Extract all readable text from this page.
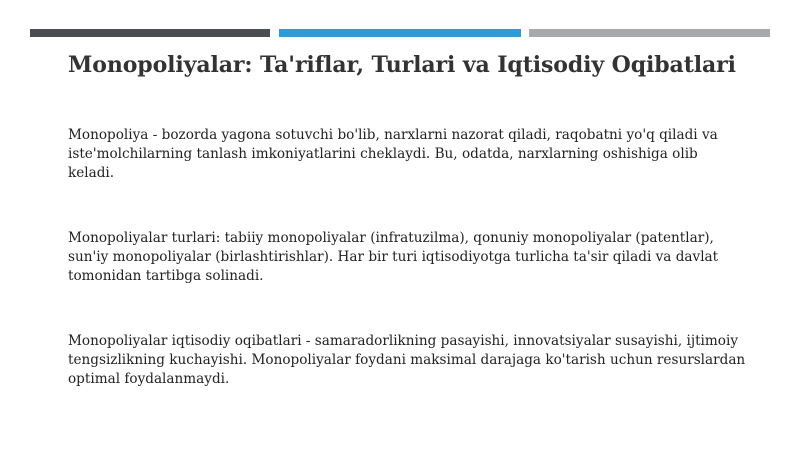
Monopoliyalar: Ta'riflar, Turlari va Iqtisodiy Oqibatlari
Monopoliya - bozorda yagona sotuvchi bo'lib, narxlarni nazorat qiladi, raqobatni yo'q qiladi va iste'molchilarning tanlash imkoniyatlarini cheklaydi. Bu, odatda, narxlarning oshishiga olib keladi.
Monopoliyalar turlari: tabiiy monopoliyalar (infratuzilma), qonuniy monopoliyalar (patentlar), sun'iy monopoliyalar (birlashtirishlar). Har bir turi iqtisodiyotga turlicha ta'sir qiladi va davlat tomonidan tartibga solinadi.
Monopoliyalar iqtisodiy oqibatlari - samaradorlikning pasayishi, innovatsiyalar susayishi, ijtimoiy tengsizlikning kuchayishi. Monopoliyalar foydani maksimal darajaga ko'tarish uchun resurslardan optimal foydalanmaydi.
